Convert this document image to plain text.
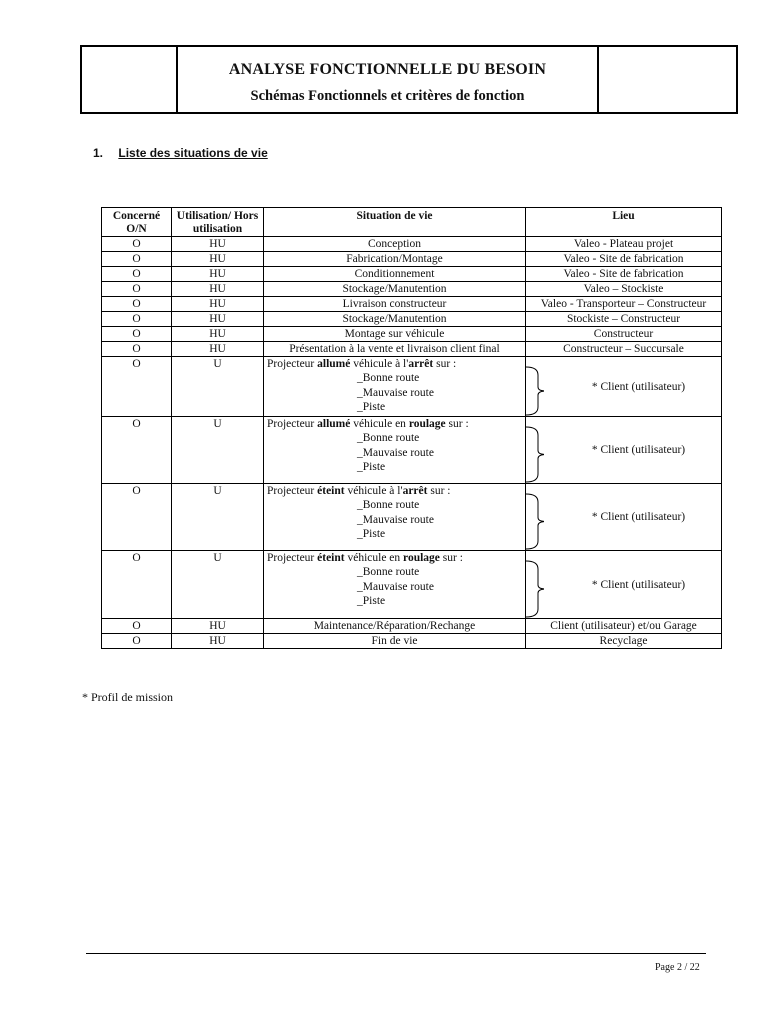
ANALYSE FONCTIONNELLE DU BESOIN
Schémas Fonctionnels et critères de fonction
1. Liste des situations de vie
Concerné O/N	Utilisation/ Hors utilisation	Situation de vie	Lieu
O	HU	Conception	Valeo - Plateau projet
O	HU	Fabrication/Montage	Valeo - Site de fabrication
O	HU	Conditionnement	Valeo - Site de fabrication
O	HU	Stockage/Manutention	Valeo – Stockiste
O	HU	Livraison constructeur	Valeo - Transporteur – Constructeur
O	HU	Stockage/Manutention	Stockiste – Constructeur
O	HU	Montage sur véhicule	Constructeur
O	HU	Présentation à la vente et livraison client final	Constructeur – Succursale
O	U	Projecteur allumé véhicule à l'arrêt sur :
_Bonne route
_Mauvaise route
_Piste	* Client (utilisateur)

O	U	Projecteur allumé véhicule en roulage sur :
_Bonne route
_Mauvaise route
_Piste	* Client (utilisateur)

O	U	Projecteur éteint véhicule à l'arrêt sur :
_Bonne route
_Mauvaise route
_Piste	* Client (utilisateur)

O	U	Projecteur éteint véhicule en roulage sur :
_Bonne route
_Mauvaise route
_Piste	* Client (utilisateur)

O	HU	Maintenance/Réparation/Rechange	Client (utilisateur) et/ou Garage
O	HU	Fin de vie	Recyclage
* Profil de mission
Page 2 / 22
